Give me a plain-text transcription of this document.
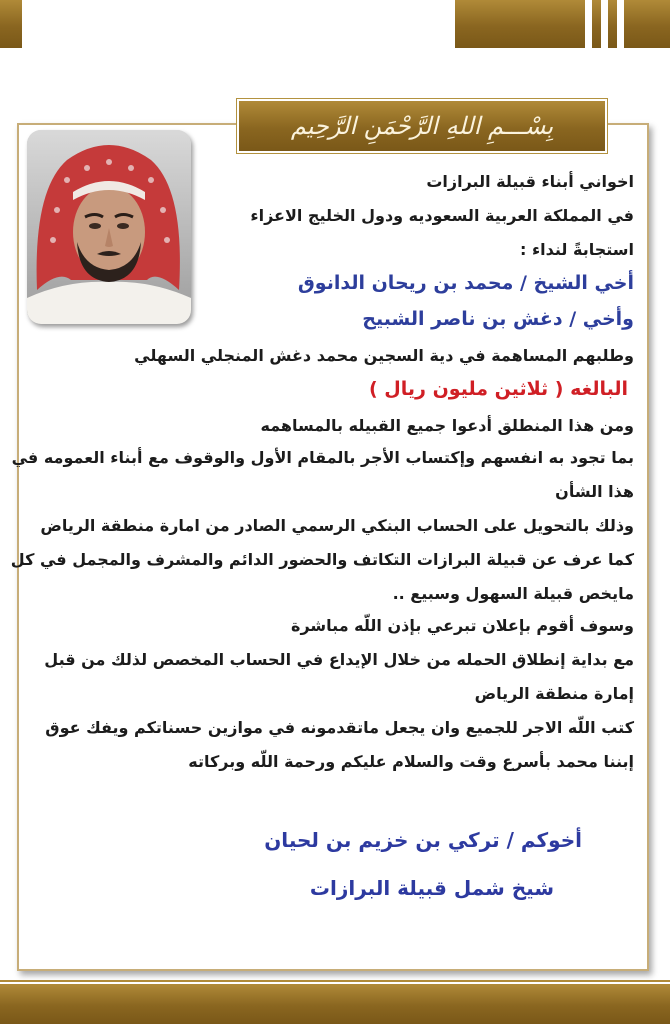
بِسْـــمِ اللهِ الرَّحْمَنِ الرَّحِيم
اخواني أبناء قبيلة البرازات
في المملكة العربية السعوديه ودول الخليج الاعزاء
استجابةً لنداء :
أخي الشيخ / محمد بن ريحان الدانوق
وأخي / دغش بن ناصر الشبيح
وطلبهم المساهمة في دية السجين محمد دغش المنجلي السهلي
البالغه ( ثلاثين مليون ريال )
ومن هذا المنطلق أدعوا جميع القبيله بالمساهمه
بما تجود به انفسهم وإكتساب الأجر بالمقام الأول والوقوف مع أبناء العمومه في
هذا الشأن
وذلك بالتحويل على الحساب البنكي الرسمي الصادر من امارة منطقة الرياض
كما عرف عن قبيلة البرازات التكاتف والحضور الدائم والمشرف والمجمل في كل
مايخص قبيلة السهول وسبيع ..
وسوف أقوم بإعلان تبرعي بإذن اللّه مباشرة
مع بداية إنطلاق الحمله من خلال الإيداع في الحساب المخصص لذلك من قبل
إمارة منطقة الرياض
كتب اللّه الاجر للجميع وان يجعل ماتقدمونه في موازين حسناتكم ويفك عوق
إبننا محمد بأسرع وقت والسلام عليكم ورحمة اللّه وبركاته
أخوكم / تركي بن خزيم بن لحيان
شيخ شمل قبيلة البرازات
